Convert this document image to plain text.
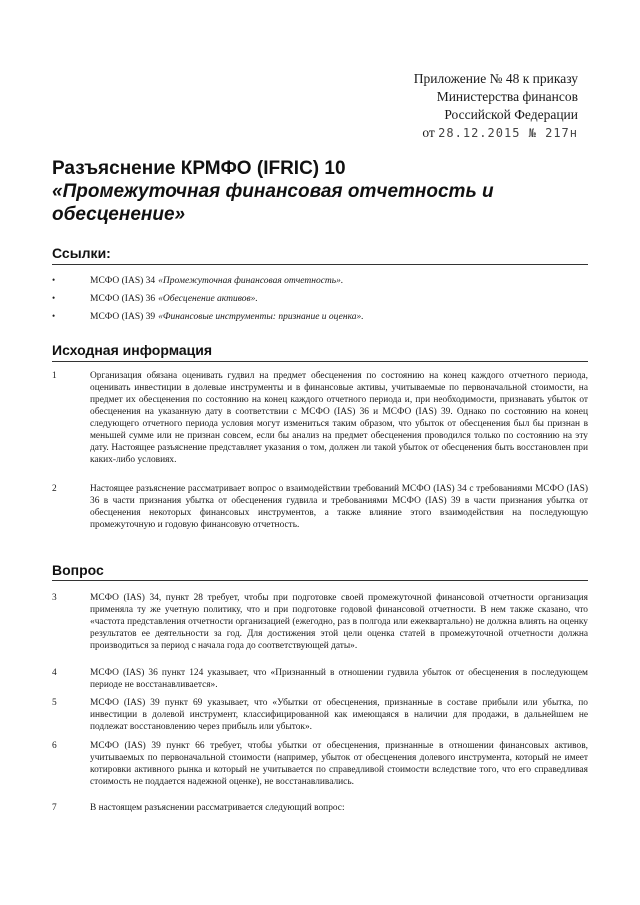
Приложение № 48 к приказу
Министерства финансов
Российской Федерации
от 28.12.2015 № 217н
Разъяснение КРМФО (IFRIC) 10
«Промежуточная финансовая отчетность и
обесценение»
Ссылки:
•	МСФО (IAS) 34 «Промежуточная финансовая отчетность».
•	МСФО (IAS) 36 «Обесценение активов».
•	МСФО (IAS) 39 «Финансовые инструменты: признание и оценка».
Исходная информация
1	Организация обязана оценивать гудвил на предмет обесценения по состоянию на конец каждого отчетного периода, оценивать инвестиции в долевые инструменты и в финансовые активы, учитываемые по первоначальной стоимости, на предмет их обесценения по состоянию на конец каждого отчетного периода и, при необходимости, признавать убыток от обесценения на указанную дату в соответствии с МСФО (IAS) 36 и МСФО (IAS) 39. Однако по состоянию на конец следующего отчетного периода условия могут измениться таким образом, что убыток от обесценения был бы признан в меньшей сумме или не признан совсем, если бы анализ на предмет обесценения проводился только по состоянию на эту дату. Настоящее разъяснение представляет указания о том, должен ли такой убыток от обесценения быть восстановлен при каких-либо условиях.
2	Настоящее разъяснение рассматривает вопрос о взаимодействии требований МСФО (IAS) 34 с требованиями МСФО (IAS) 36 в части признания убытка от обесценения гудвила и требованиями МСФО (IAS) 39 в части признания убытка от обесценения некоторых финансовых инструментов, а также влияние этого взаимодействия на последующую промежуточную и годовую финансовую отчетность.
Вопрос
3	МСФО (IAS) 34, пункт 28 требует, чтобы при подготовке своей промежуточной финансовой отчетности организация применяла ту же учетную политику, что и при подготовке годовой финансовой отчетности. В нем также сказано, что «частота представления отчетности организацией (ежегодно, раз в полгода или ежеквартально) не должна влиять на оценку результатов ее деятельности за год. Для достижения этой цели оценка статей в промежуточной отчетности должна производиться за период с начала года до соответствующей даты».
4	МСФО (IAS) 36 пункт 124 указывает, что «Признанный в отношении гудвила убыток от обесценения в последующем периоде не восстанавливается».
5	МСФО (IAS) 39 пункт 69 указывает, что «Убытки от обесценения, признанные в составе прибыли или убытка, по инвестиции в долевой инструмент, классифицированной как имеющаяся в наличии для продажи, в дальнейшем не подлежат восстановлению через прибыль или убыток».
6	МСФО (IAS) 39 пункт 66 требует, чтобы убытки от обесценения, признанные в отношении финансовых активов, учитываемых по первоначальной стоимости (например, убыток от обесценения долевого инструмента, который не имеет котировки активного рынка и который не учитывается по справедливой стоимости вследствие того, что его справедливая стоимость не поддается надежной оценке), не восстанавливались.
7	В настоящем разъяснении рассматривается следующий вопрос:
